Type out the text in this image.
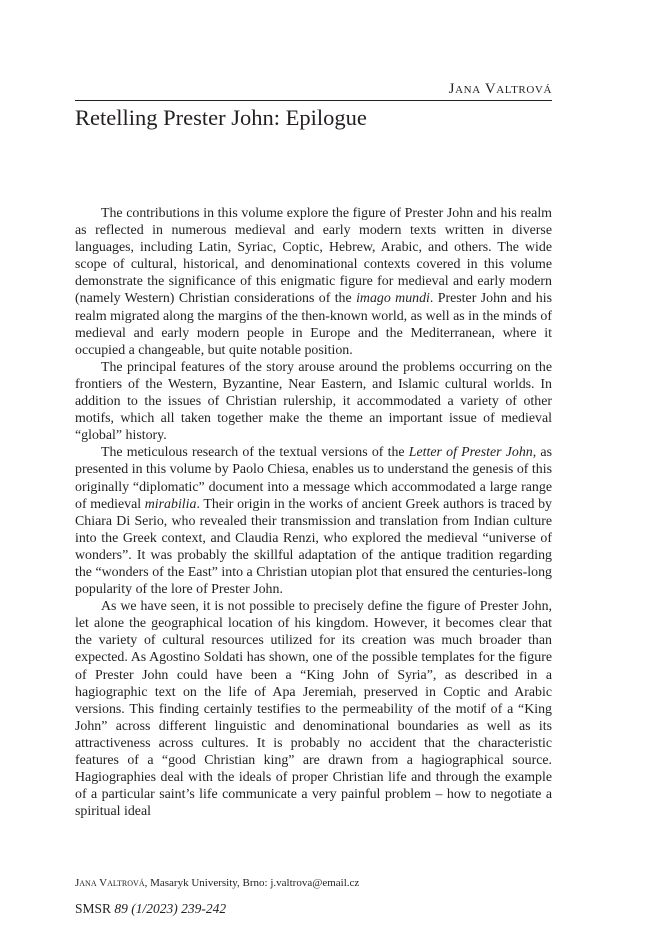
Jana Valtrová
Retelling Prester John: Epilogue

The contributions in this volume explore the figure of Prester John and his realm as reflected in numerous medieval and early modern texts written in diverse languages, including Latin, Syriac, Coptic, Hebrew, Arabic, and others. The wide scope of cultural, historical, and denominational contexts covered in this volume demonstrate the significance of this enigmatic figure for medieval and early modern (namely Western) Christian considerations of the imago mundi. Prester John and his realm migrated along the margins of the then-known world, as well as in the minds of medieval and early modern people in Europe and the Mediterranean, where it occupied a changeable, but quite notable position.

The principal features of the story arouse around the problems occurring on the frontiers of the Western, Byzantine, Near Eastern, and Islamic cultural worlds. In addition to the issues of Christian rulership, it accommodated a variety of other motifs, which all taken together make the theme an important issue of medieval “global” history.

The meticulous research of the textual versions of the Letter of Prester John, as presented in this volume by Paolo Chiesa, enables us to understand the genesis of this originally “diplomatic” document into a message which accommodated a large range of medieval mirabilia. Their origin in the works of ancient Greek authors is traced by Chiara Di Serio, who revealed their transmission and translation from Indian culture into the Greek context, and Claudia Renzi, who explored the medieval “universe of wonders”. It was probably the skillful adaptation of the antique tradition regarding the “wonders of the East” into a Christian utopian plot that ensured the centuries-long popularity of the lore of Prester John.

As we have seen, it is not possible to precisely define the figure of Prester John, let alone the geographical location of his kingdom. However, it becomes clear that the variety of cultural resources utilized for its creation was much broader than expected. As Agostino Soldati has shown, one of the possible templates for the figure of Prester John could have been a “King John of Syria”, as described in a hagiographic text on the life of Apa Jeremiah, preserved in Coptic and Arabic versions. This finding certainly testifies to the permeability of the motif of a “King John” across different linguistic and denominational boundaries as well as its attractiveness across cultures. It is probably no accident that the characteristic features of a “good Christian king” are drawn from a hagiographical source. Hagiographies deal with the ideals of proper Christian life and through the example of a particular saint’s life communicate a very painful problem – how to negotiate a spiritual ideal

Jana Valtrová, Masaryk University, Brno: j.valtrova@email.cz
SMSR 89 (1/2023) 239-242
